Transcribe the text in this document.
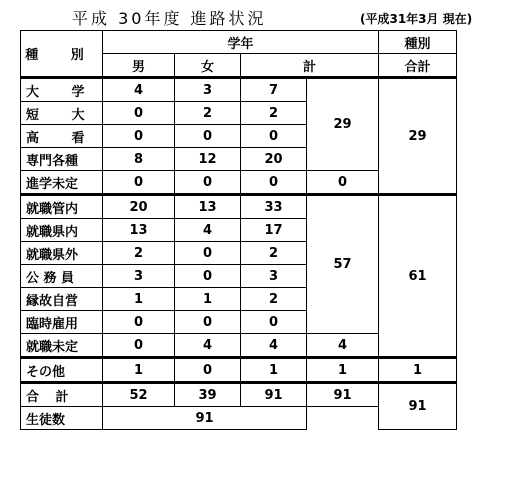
平成 30年度 進路状況	(平成31年3月 現在)
種 別	学年				種別
	男	女	計		合計
大 学	4	3	7	29	29
短 大	0	2	2		
高 看	0	0	0		
専門各種	8	12	20		
進学未定	0	0	0	0	
就職管内	20	13	33	57	61
就職県内	13	4	17		
就職県外	2	0	2		
公 務 員	3	0	3		
縁故自営	1	1	2		
臨時雇用	0	0	0		
就職未定	0	4	4	4	
その他	1	0	1	1	1
合 計	52	39	91	91	91
生徒数	91				
